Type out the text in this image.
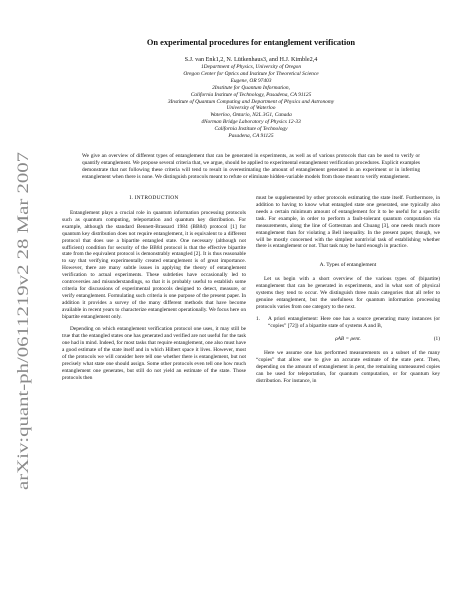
arXiv:quant-ph/0611219v2 28 Mar 2007
On experimental procedures for entanglement verification
S.J. van Enk1,2, N. Lütkenhaus3, and H.J. Kimble2,4
1Department of Physics, University of Oregon
Oregon Center for Optics and Institute for Theoretical Science
Eugene, OR 97403
2Institute for Quantum Information,
California Institute of Technology, Pasadena, CA 91125
3Institute of Quantum Computing and Department of Physics and Astronomy
University of Waterloo
Waterloo, Ontario, N2L 3G1, Canada
4Norman Bridge Laboratory of Physics 12-33
California Institute of Technology
Pasadena, CA 91125

We give an overview of different types of entanglement that can be generated in experiments, as well as of various protocols that can be used to verify or quantify entanglement. We propose several criteria that, we argue, should be applied to experimental entanglement verification procedures. Explicit examples demonstrate that not following these criteria will tend to result in overestimating the amount of entanglement generated in an experiment or in inferring entanglement when there is none. We distinguish protocols meant to refute or eliminate hidden-variable models from those meant to verify entanglement.

I. INTRODUCTION

Entanglement plays a crucial role in quantum information processing protocols such as quantum computing, teleportation and quantum key distribution. For example, although the standard Bennett-Brassard 1984 (BB84) protocol [1] for quantum key distribution does not require entanglement, it is equivalent to a different protocol that does use a bipartite entangled state. One necessary (although not sufficient) condition for security of the BB84 protocol is that the effective bipartite state from the equivalent protocol is demonstrably entangled [2]. It is thus reasonable to say that verifying experimentally created entanglement is of great importance. However, there are many subtle issues in applying the theory of entanglement verification to actual experiments. These subtleties have occasionally led to controversies and misunderstandings, so that it is probably useful to establish some criteria for discussions of experimental protocols designed to detect, measure, or verify entanglement. Formulating such criteria is one purpose of the present paper. In addition it provides a survey of the many different methods that have become available in recent years to characterize entanglement operationally. We focus here on bipartite entanglement only.

Depending on which entanglement verification protocol one uses, it may still be true that the entangled states one has generated and verified are not useful for the task one had in mind. Indeed, for most tasks that require entanglement, one also must have a good estimate of the state itself and in which Hilbert space it lives. However, most of the protocols we will consider here tell one whether there is entanglement, but not precisely what state one should assign. Some other protocols even tell one how much entanglement one generates, but still do not yield an estimate of the state. Those protocols then

must be supplemented by other protocols estimating the state itself. Furthermore, in addition to having to know what entangled state one generated, one typically also needs a certain minimum amount of entanglement for it to be useful for a specific task. For example, in order to perform a fault-tolerant quantum computation via measurements, along the line of Gottesman and Chuang [3], one needs much more entanglement than for violating a Bell inequality. In the present paper, though, we will be mostly concerned with the simplest nontrivial task of establishing whether there is entanglement or not. That task may be hard enough in practice.

A. Types of entanglement

Let us begin with a short overview of the various types of (bipartite) entanglement that can be generated in experiments, and in what sort of physical systems they tend to occur. We distinguish three main categories that all refer to genuine entanglement, but the usefulness for quantum information processing protocols varies from one category to the next.

1.	A priori entanglement: Here one has a source generating many instances (or “copies” [72]) of a bipartite state of systems A and B,
ρAB = ρent.	(1)

Here we assume one has performed measurements on a subset of the many “copies” that allow one to give an accurate estimate of the state ρent. Then, depending on the amount of entanglement in ρent, the remaining unmeasured copies can be used for teleportation, for quantum computation, or for quantum key distribution. For instance, in
